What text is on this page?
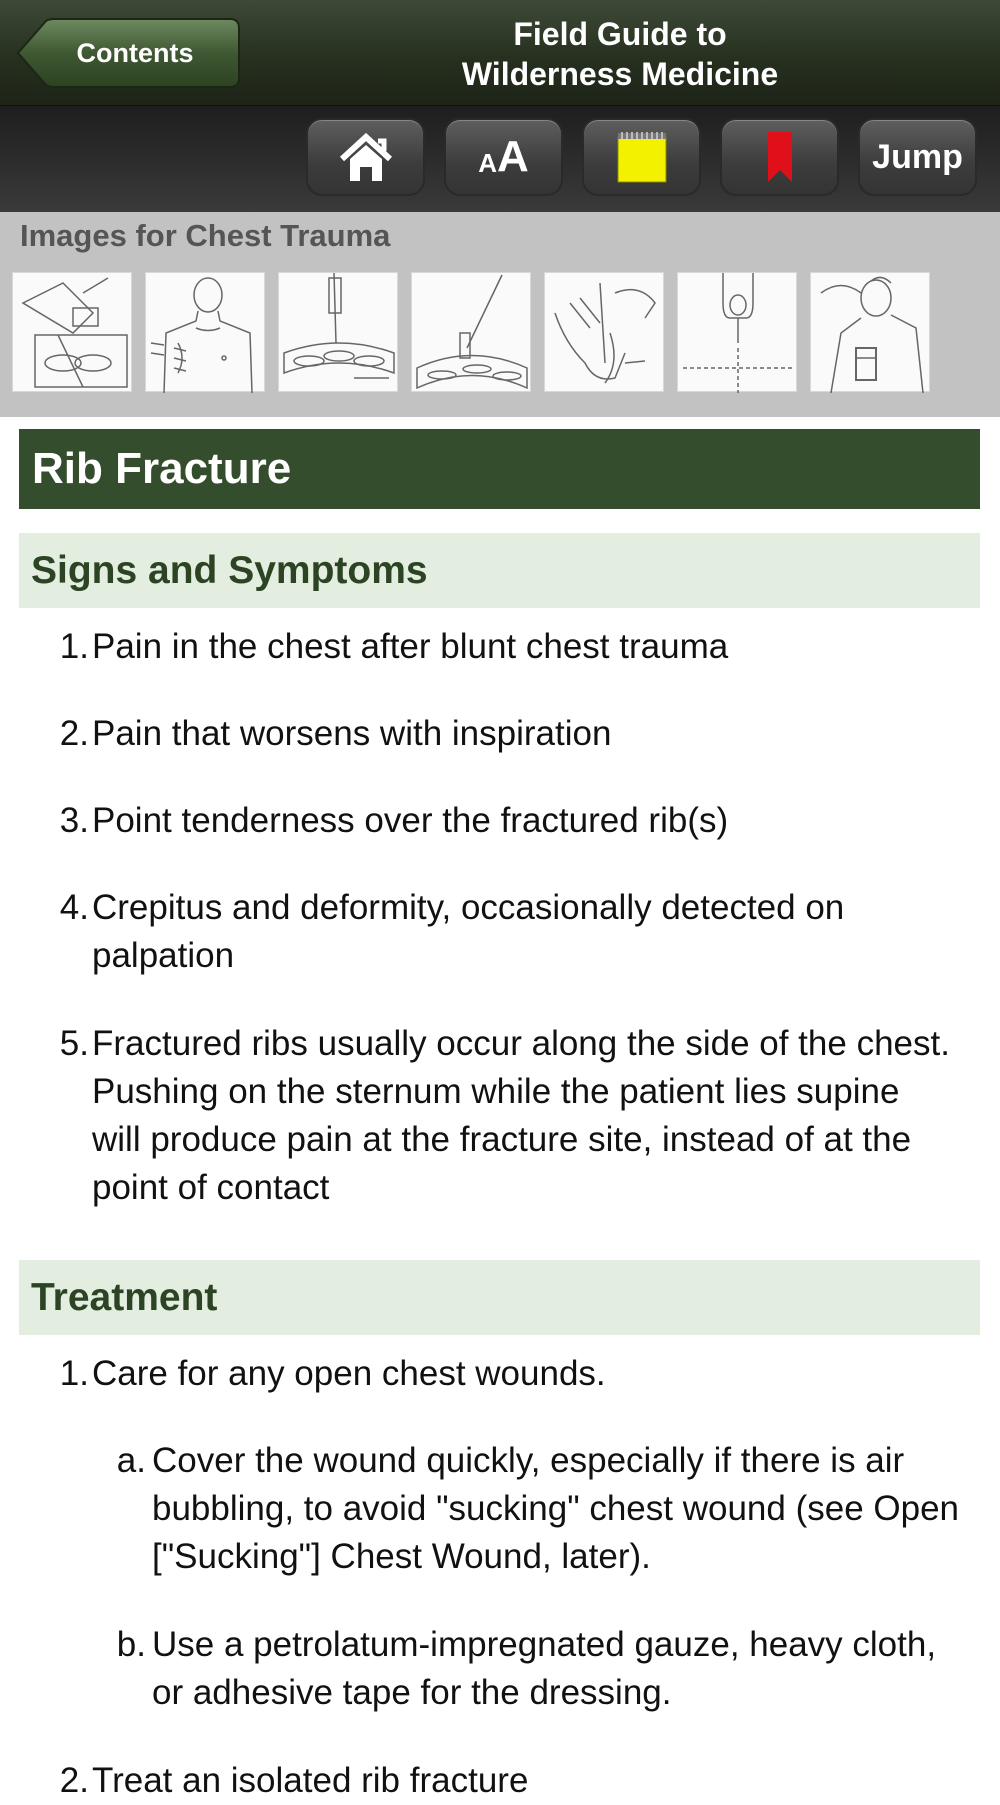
Contents
Field Guide to
Wilderness Medicine
A A	Jump
Images for Chest Trauma
Rib Fracture
Signs and Symptoms
1. Pain in the chest after blunt chest trauma
2. Pain that worsens with inspiration
3. Point tenderness over the fractured rib(s)
4. Crepitus and deformity, occasionally detected on palpation
5. Fractured ribs usually occur along the side of the chest. Pushing on the sternum while the patient lies supine will produce pain at the fracture site, instead of at the point of contact
Treatment
1. Care for any open chest wounds.
a. Cover the wound quickly, especially if there is air bubbling, to avoid "sucking" chest wound (see Open ["Sucking"] Chest Wound, later).
b. Use a petrolatum-impregnated gauze, heavy cloth, or adhesive tape for the dressing.
2. Treat an isolated rib fracture
